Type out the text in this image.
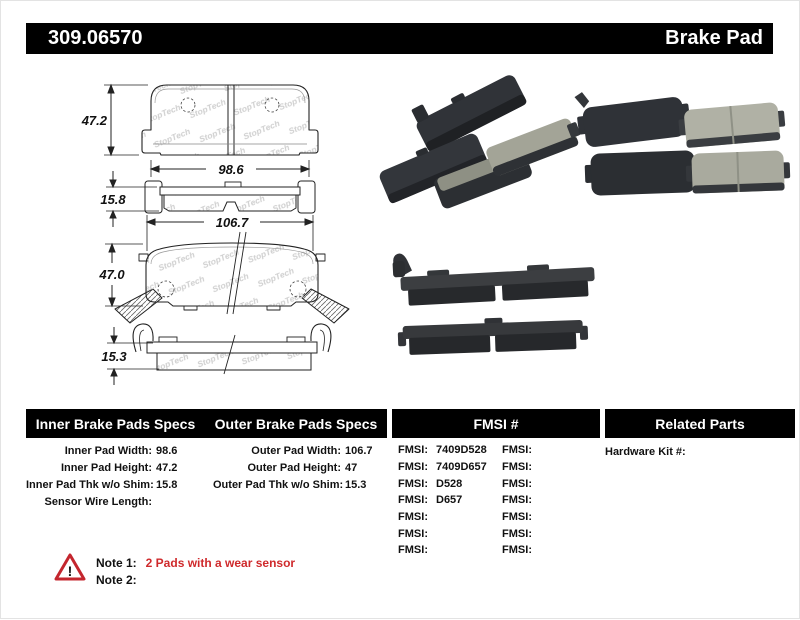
309.06570	Brake Pad
47.2
98.6
15.8
106.7
47.0
15.3
Inner Brake Pads Specs Outer Brake Pads Specs	FMSI #	Related Parts
Inner Pad Width: 98.6
Inner Pad Height: 47.2
Inner Pad Thk w/o Shim: 15.8
Sensor Wire Length:
Outer Pad Width: 106.7
Outer Pad Height: 47
Outer Pad Thk w/o Shim: 15.3
FMSI: 7409D528
FMSI: 7409D657
FMSI: D528
FMSI: D657
FMSI:
FMSI:
FMSI:
FMSI:
FMSI:
FMSI:
FMSI:
FMSI:
FMSI:
FMSI:
Hardware Kit #:
! Note 1: 2 Pads with a wear sensor
Note 2:
